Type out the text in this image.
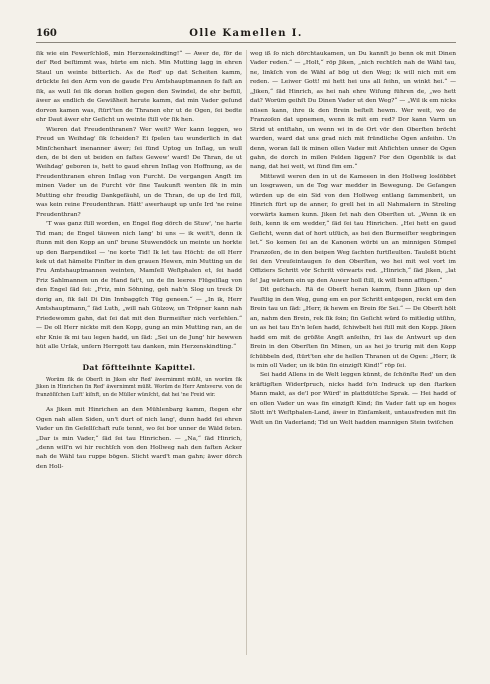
160	Olle Kamellen I.

ſik wie ein Fewerſchloß, min Herzenskindting!“ — Awer de, för de dei' Red beſtimmt was, hürte em nich. Min Mutting lagg in ehren Staul un weinte bitterlich. As de Red' up dat Scheiten kamm, drückte ſei den Arm von de gaude Fru Amtshauptmannen ſo faſt an ſik, as wull ſei ſik doran hollen gegen den Swindel, de ehr befüll, äwer as endlich de Gewißheit herute kamm, dat min Vader geſund dorvon kamen was, ſtürt'ten de Thranen ehr ut de Ogen, ſei bedte ehr Daut äwer ehr Geſicht un weinte ſtill vör ſik hen.

Wieren dat Freudenthranen? Wer weit? Wer kann leggen, wo Freud un Weihdag' ſik ſcheiden? Ei ſpelen tau wunderlich in dat Minſchenhart inenanner äwer; ſei ſünd Uptog un Inſlag, un wull den, de bi den ut beiden en faſtes Gewew' ward! De Thran, de ut Weihdag' geboren is, hett to gaud ehren Inſlag von Hoffnung, as de Freudenthranen ehren Inſlag von Furcht. De vergangen Angſt im minen Vader un de Furcht vör ſine Taukunft wenten ſik in min Mutting ehr freudig Dankgefäuhl, un de Thran, de up de Ird füll, was kein reine Freudenthran. Hätt' awerhaupt up unſe Ird 'ne reine Freudenthran?

'T was ganz ſtill worden, en Engel flog dörch de Stuw', 'ne harte Tid man; de Engel täuwen nich lang' bi uns — ik weit't, denn ik ſtunn mit den Kopp an unſ' brune Stuwendöck un meinte un horkte up den Barpendikel — 'ne korte Tid! Ik let tau Höcht: de oll Herr kek ut dat hämelte Finſter in den grauen Hewen, min Mutting un de Fru Amtshauptmannen weinten, Mamſell Weſtphalen et, ſei hadd Friz Sahlmannen un de Hand fat't, un de ſin leeres Flügelſlag von den Engel ſäd ſei: „Friz, min Söhning, geh nah'n Slog un treck Di dorig an, ſik ſall Di Din Innbaggſch Tüg geneen.“ — „In ik, Herr Amtshauptmann,“ ſäd Luth, „will nah Gülzow, un Tröpner kann nah Friedewomm gahn, dat ſei dat mit den Burmeiſter nich verſehlen.“ — De oll Herr nickte mit den Kopp, gung an min Mutting ran, an de ehr Knie ik mi tau legen hadd, un ſäd: „Sei un de Jung' hir hewwen hüt alle Urſak, unſern Herrgott tau danken, min Herzenskindting.“

Dat föftteihnte Kapittel.
Worüm ſik de Oberſt in Jiken ehr Red' äwernimmt müßt, un worüm ſik Jiken in Hinrichen ſin Red' äwernimmt müßt. Worüm de Herr Amtsverw. von de franzöſiſchen Luft' kiſnft, un de Müller wünſcht, dat hei 'ne Freid wir.

As Jiken mit Hinrichen an den Mühlenbarg kamm, ſtegen ehr Ogen nah allen Siden, un't durt of nich lang', dunn hadd ſei ehren Vader un ſin Geſellſchaft ruſe tennt, wo ſei bor unner de Wäld ſeten. „Dar is min Vader,“ ſäd ſei tau Hinrichen. — „Na,“ ſäd Hinrich, „denn will'n wi hir rechtſch von den Hollweg nah den faſten Acker nah de Wähl tau ruppe bögen. Slicht ward't man gahn; äwer dörch den Holl-

weg iß ſo nich dörchtaukamen, un Du kannſt jo benn ok mit Dinen Vader reden.“ — „Holt,“ röp Jiken, „nich rechtſch nah de Wähl tau, ne, linkſch von de Wähl af bög ut den Weg; ik will nich mit em reden. — Leiwer Gott! mi hett hei uns all ſeihn, un winkt hei.“ — „Jiken,“ ſäd Hinrich, as hei nah ehre Wiſung führen de, „wo hett dat? Worüm geihſt Du Dinen Vader ut den Weg?“ — „Wil ik em nicks nüsen kann, ihre ik den Brein beſtelt hewm. Wer weit, wo de Franzoſen dat upnemen, wenn ik mit em red? Dor kann Varm un Strid ut entſtahn, un wenn wi in de Ort vör den Oberſten bröcht warden, ward dat uns grad nich mit fründliche Ogen anſeihn. Un denn, woran ſall ik minen ollen Vader mit Ahſichten unner de Ogen gahn, de dorch in milen Felden liggen? For den Ogenblik is dat nang, dat hei weit, wi ſünd ſim em.“

Mittewil weren den in ut de Kameeen in den Hollweg loslöbbrt un losgrawen, un de Tog war medder in Bewegung. De Geſangen würden up de ein Sid von den Hollweg entlang ſammenbrit, un Hinrich fürt up de anner, ſo grell hei in all Nahmalern in Streling vorwärts kamen kunn. Jiken ſet nah den Oberſten ut. „Wenn ik en ſeih, kenn ik em wedder,“ ſäd ſei tau Hinrichen. „Hei hett en gaud Geſicht, wenn dat of hort utſüch, as hei den Burmeiſter wegbringen let.“ So kemen ſei an de Kanonen wörbi un an minnigen Sümpel Franzoſen, de in den beipen Weg ſachten furtſleulten. Tauleßt bücht ſei den Vreuſeintaugen ſo den Oberſten, wo hei mit wol vort im Offiziers Schritt vör Schritt vörwarts red. „Hinrich,“ ſäd Jiken, „lat ſe! Jag wärtem ein up den Auwer holl ſtill, ik will benn afſtigen.“

Dit geſchach. Rä de Oberſt heran kamm, ſtunn Jiken up den Fauſtlig in den Weg, gung em en por Schritt entgegen, reckt em den Brein tau un ſäd: „Herr, ik hewm en Brein för Sei.“ — De Oberſt hölt an, nahm den Brein, rek ſik ſoin; ſin Geſicht würd ſo mitledig utſihn, un as hei tau En'n leſen hadd, ſchiwbelt hei ſtill mit den Kopp. Jiken hadd em mit de größte Angſt anſeihn, fri las de Antwurt up den Brein in den Oberſten ſin Minen, un as hei jo trurig mit den Kopp ſchübbeln ded, ſtürt'ten ehr de hellen Thranen ut de Ogen: „Herr, ik is min oll Vader, un ik bün ſin einzigſt Kind!“ röp ſei.

Sei hadd Allens in de Welt leggen künnt, de ſchönſte Red' un den kräftigſten Widerſpruch, nicks hadd ſo'n Indruck up den ſtarken Mann makt, as de'l por Würd' in plattdütſche Sprak. — Hei hadd of en ollen Vader un was ſin einzigſt Kind; ſin Vader ſatt up en hoges Slott in't Weſtphalen-Land, äwer in Einſamkeit, untausfreden mit ſin Welt un ſin Vaderland; Tid un Welt hadden mannigen Stein twiſchen
